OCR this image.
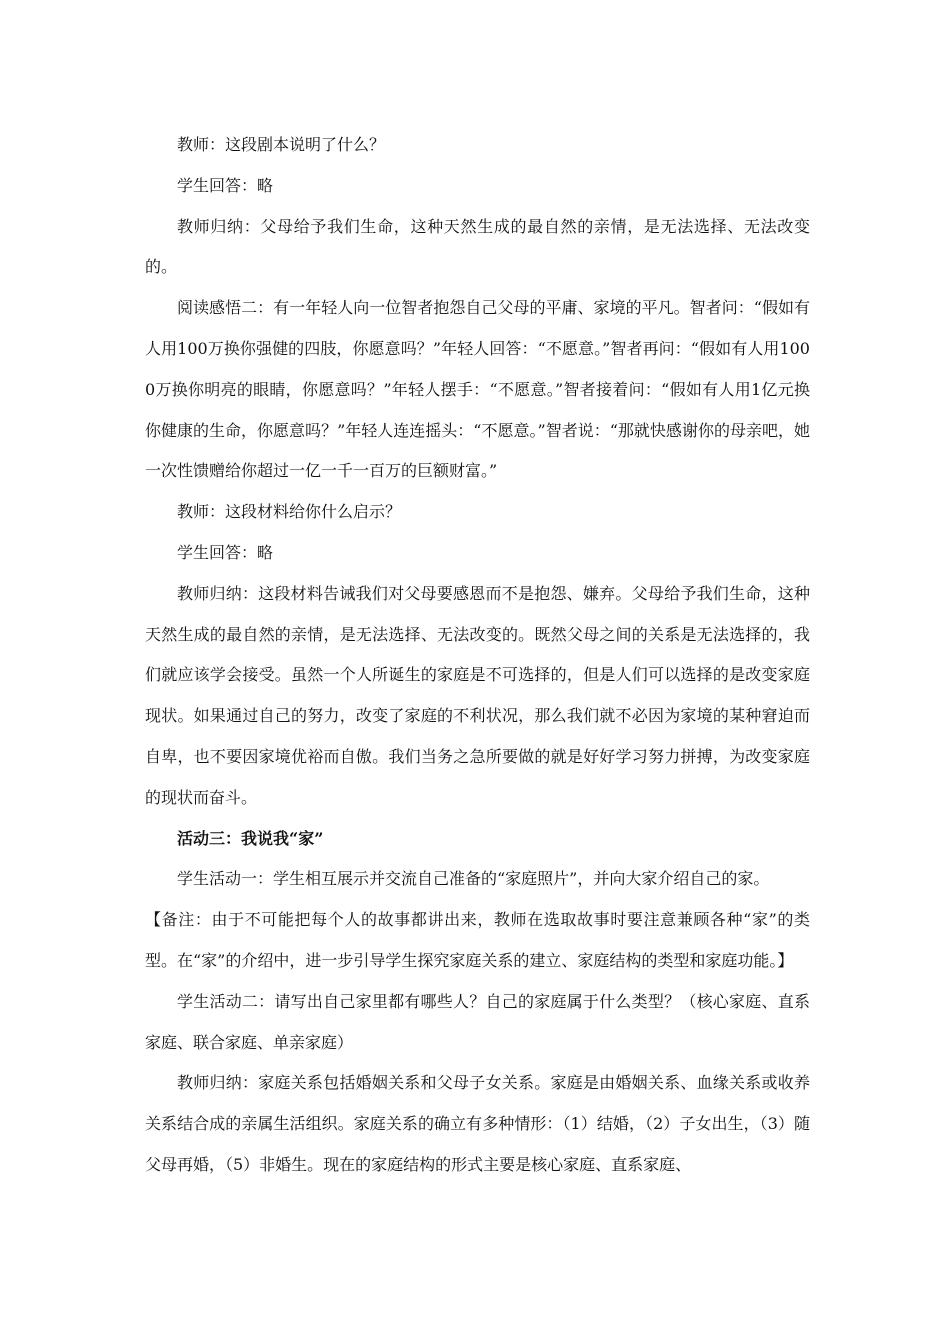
教师：这段剧本说明了什么？

学生回答：略

教师归纳：父母给予我们生命，这种天然生成的最自然的亲情，是无法选择、无法改变的。

阅读感悟二：有一年轻人向一位智者抱怨自己父母的平庸、家境的平凡。智者问：“假如有人用100万换你强健的四肢，你愿意吗？”年轻人回答：“不愿意。”智者再问：“假如有人用1000万换你明亮的眼睛，你愿意吗？”年轻人摆手：“不愿意。”智者接着问：“假如有人用1亿元换你健康的生命，你愿意吗？”年轻人连连摇头：“不愿意。”智者说：“那就快感谢你的母亲吧，她一次性馈赠给你超过一亿一千一百万的巨额财富。”

教师：这段材料给你什么启示？

学生回答：略

教师归纳：这段材料告诫我们对父母要感恩而不是抱怨、嫌弃。父母给予我们生命，这种天然生成的最自然的亲情，是无法选择、无法改变的。既然父母之间的关系是无法选择的，我们就应该学会接受。虽然一个人所诞生的家庭是不可选择的，但是人们可以选择的是改变家庭现状。如果通过自己的努力，改变了家庭的不利状况，那么我们就不必因为家境的某种窘迫而自卑，也不要因家境优裕而自傲。我们当务之急所要做的就是好好学习努力拼搏，为改变家庭的现状而奋斗。

活动三：我说我“家”

学生活动一：学生相互展示并交流自己准备的“家庭照片”，并向大家介绍自己的家。

【备注：由于不可能把每个人的故事都讲出来，教师在选取故事时要注意兼顾各种“家”的类型。在“家”的介绍中，进一步引导学生探究家庭关系的建立、家庭结构的类型和家庭功能。】

学生活动二：请写出自己家里都有哪些人？自己的家庭属于什么类型？（核心家庭、直系家庭、联合家庭、单亲家庭）

教师归纳：家庭关系包括婚姻关系和父母子女关系。家庭是由婚姻关系、血缘关系或收养关系结合成的亲属生活组织。家庭关系的确立有多种情形：（1）结婚，（2）子女出生，（3）随父母再婚，（5）非婚生。现在的家庭结构的形式主要是核心家庭、直系家庭、
